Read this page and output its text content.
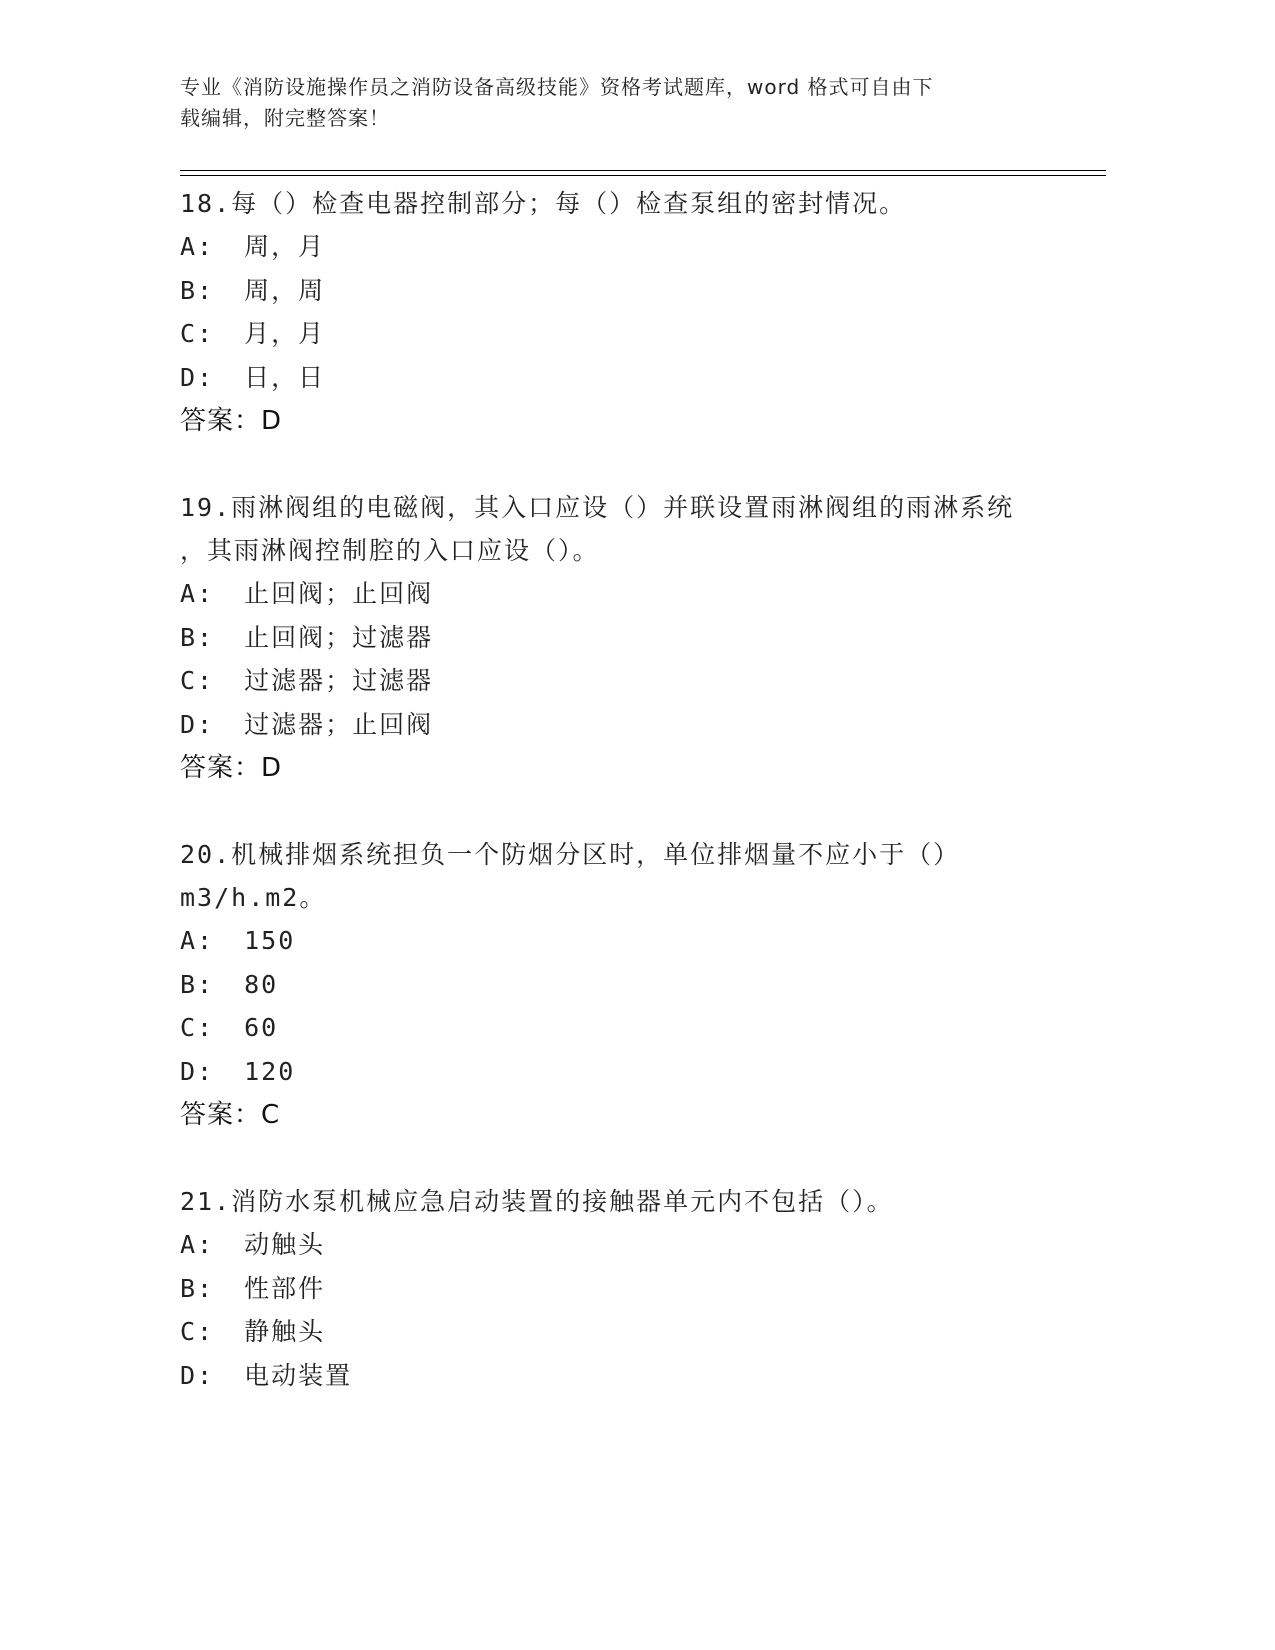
专业《消防设施操作员之消防设备高级技能》资格考试题库，word 格式可自由下
载编辑，附完整答案！
18.每（）检查电器控制部分；每（）检查泵组的密封情况。
A: 周，月
B: 周，周
C: 月，月
D: 日，日
答案：D
19.雨淋阀组的电磁阀，其入口应设（）并联设置雨淋阀组的雨淋系统
，其雨淋阀控制腔的入口应设（）。
A: 止回阀；止回阀
B: 止回阀；过滤器
C: 过滤器；过滤器
D: 过滤器；止回阀
答案：D
20.机械排烟系统担负一个防烟分区时，单位排烟量不应小于（）
m3/h.m2。
A: 150
B: 80
C: 60
D: 120
答案：C
21.消防水泵机械应急启动装置的接触器单元内不包括（）。
A: 动触头
B: 性部件
C: 静触头
D: 电动装置
